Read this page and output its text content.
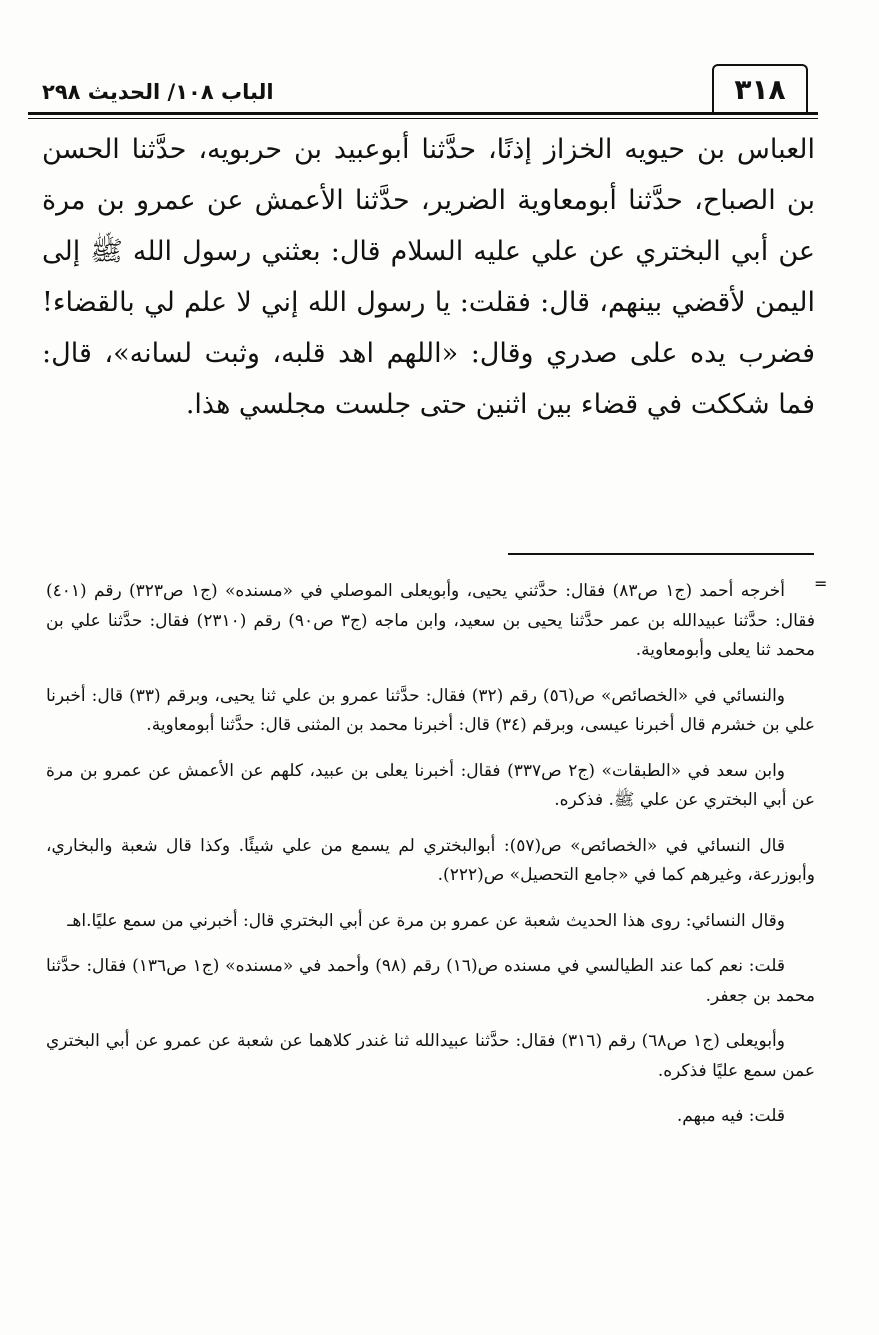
الباب ١٠٨/ الحديث ٢٩٨	٣١٨

العباس بن حيويه الخزاز إذنًا، حدَّثنا أبوعبيد بن حربويه، حدَّثنا الحسن بن الصباح، حدَّثنا أبومعاوية الضرير، حدَّثنا الأعمش عن عمرو بن مرة عن أبي البختري عن علي عليه السلام قال: بعثني رسول الله ﷺ إلى اليمن لأقضي بينهم، قال: فقلت: يا رسول الله إني لا علم لي بالقضاء! فضرب يده على صدري وقال: «اللهم اهد قلبه، وثبت لسانه»، قال: فما شككت في قضاء بين اثنين حتى جلست مجلسي هذا.

=

أخرجه أحمد (ج١ ص٨٣) فقال: حدَّثني يحيى، وأبويعلى الموصلي في «مسنده» (ج١ ص٣٢٣) رقم (٤٠١) فقال: حدَّثنا عبيدالله بن عمر حدَّثنا يحيى بن سعيد، وابن ماجه (ج٣ ص٩٠) رقم (٢٣١٠) فقال: حدَّثنا علي بن محمد ثنا يعلى وأبومعاوية.

والنسائي في «الخصائص» ص(٥٦) رقم (٣٢) فقال: حدَّثنا عمرو بن علي ثنا يحيى، وبرقم (٣٣) قال: أخبرنا علي بن خشرم قال أخبرنا عيسى، وبرقم (٣٤) قال: أخبرنا محمد بن المثنى قال: حدَّثنا أبومعاوية.

وابن سعد في «الطبقات» (ج٢ ص٣٣٧) فقال: أخبرنا يعلى بن عبيد، كلهم عن الأعمش عن عمرو بن مرة عن أبي البختري عن علي ﷺ. فذكره.

قال النسائي في «الخصائص» ص(٥٧): أبوالبختري لم يسمع من علي شيئًا. وكذا قال شعبة والبخاري، وأبوزرعة، وغيرهم كما في «جامع التحصيل» ص(٢٢٢).

وقال النسائي: روى هذا الحديث شعبة عن عمرو بن مرة عن أبي البختري قال: أخبرني من سمع عليًا.اهـ

قلت: نعم كما عند الطيالسي في مسنده ص(١٦) رقم (٩٨) وأحمد في «مسنده» (ج١ ص١٣٦) فقال: حدَّثنا محمد بن جعفر.

وأبويعلى (ج١ ص٦٨) رقم (٣١٦) فقال: حدَّثنا عبيدالله ثنا غندر كلاهما عن شعبة عن عمرو عن أبي البختري عمن سمع عليًا فذكره.

قلت: فيه مبهم.
